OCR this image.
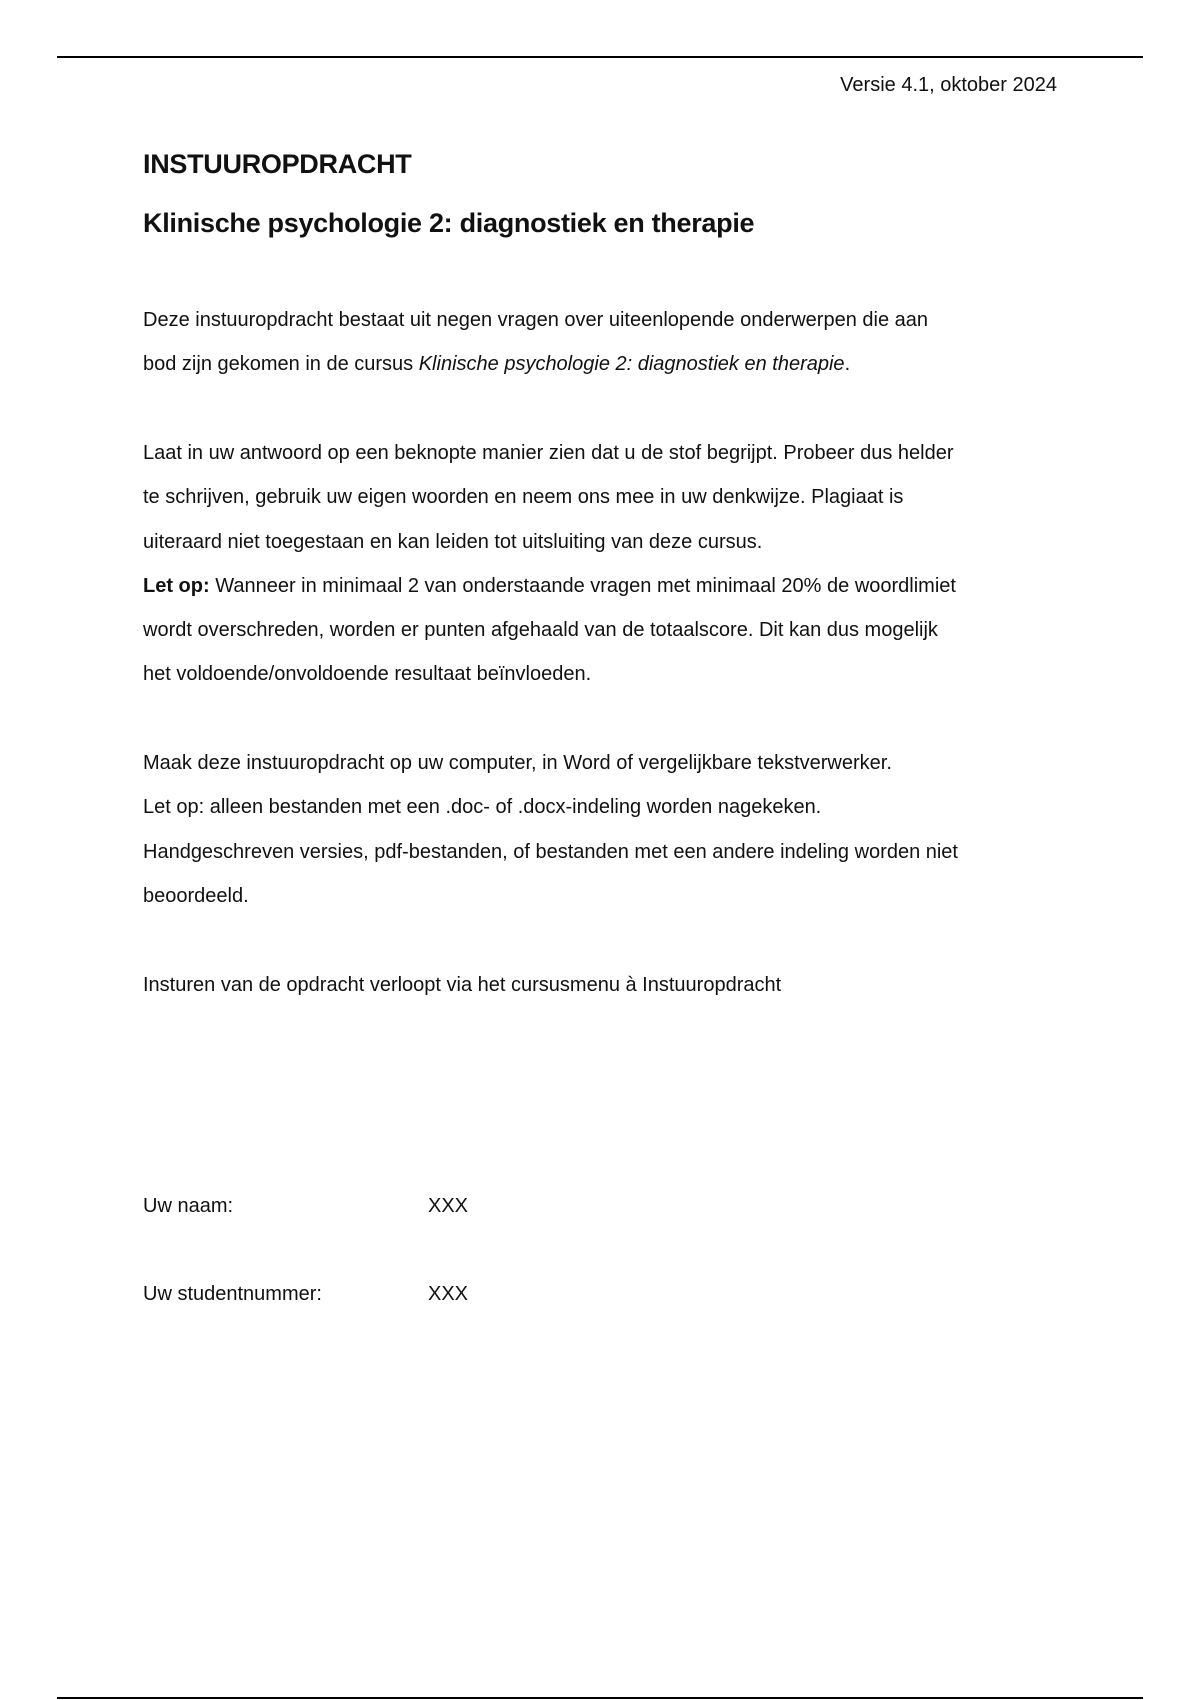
Versie 4.1, oktober 2024
INSTUUROPDRACHT
Klinische psychologie 2: diagnostiek en therapie

Deze instuuropdracht bestaat uit negen vragen over uiteenlopende onderwerpen die aan
bod zijn gekomen in de cursus Klinische psychologie 2: diagnostiek en therapie.

Laat in uw antwoord op een beknopte manier zien dat u de stof begrijpt. Probeer dus helder
te schrijven, gebruik uw eigen woorden en neem ons mee in uw denkwijze. Plagiaat is
uiteraard niet toegestaan en kan leiden tot uitsluiting van deze cursus.
Let op: Wanneer in minimaal 2 van onderstaande vragen met minimaal 20% de woordlimiet
wordt overschreden, worden er punten afgehaald van de totaalscore. Dit kan dus mogelijk
het voldoende/onvoldoende resultaat beïnvloeden.

Maak deze instuuropdracht op uw computer, in Word of vergelijkbare tekstverwerker.
Let op: alleen bestanden met een .doc- of .docx-indeling worden nagekeken.
Handgeschreven versies, pdf-bestanden, of bestanden met een andere indeling worden niet
beoordeeld.

Insturen van de opdracht verloopt via het cursusmenu à Instuuropdracht

Uw naam:	XXX
Uw studentnummer:	XXX
